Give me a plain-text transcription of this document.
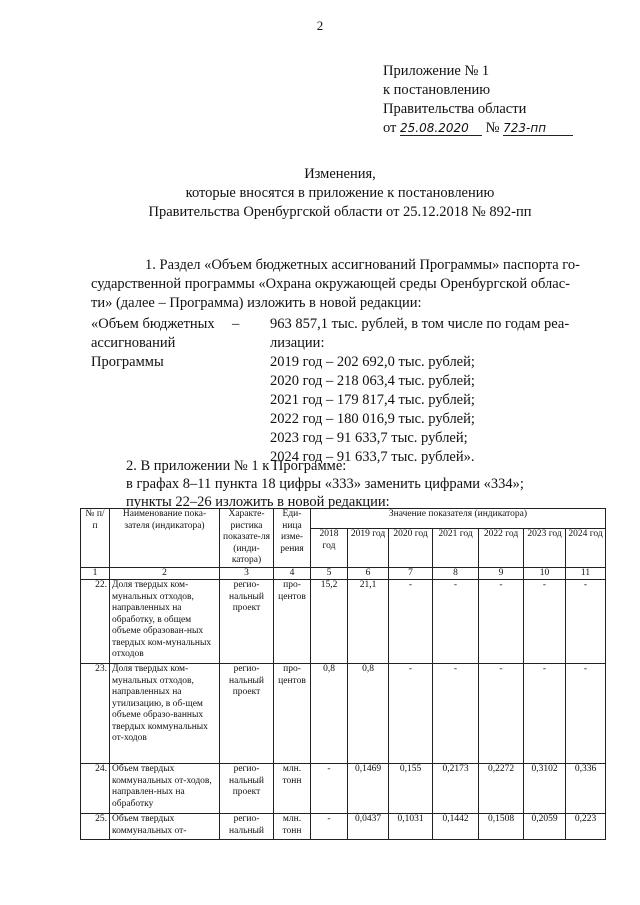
2
Приложение № 1
к постановлению
Правительства области
от 25.08.2020 № 723-пп
Изменения,
которые вносятся в приложение к постановлению
Правительства Оренбургской области от 25.12.2018 № 892-пп
1. Раздел «Объем бюджетных ассигнований Программы» паспорта го-
сударственной программы «Охрана окружающей среды Оренбургской облас-
ти» (далее – Программа) изложить в новой редакции:
«Объем бюджетных
ассигнований
Программы
– 963 857,1 тыс. рублей, в том числе по годам реа-
лизации:
2019 год – 202 692,0 тыс. рублей;
2020 год – 218 063,4 тыс. рублей;
2021 год – 179 817,4 тыс. рублей;
2022 год – 180 016,9 тыс. рублей;
2023 год – 91 633,7 тыс. рублей;
2024 год – 91 633,7 тыс. рублей».
2. В приложении № 1 к Программе:
в графах 8–11 пункта 18 цифры «333» заменить цифрами «334»;
пункты 22–26 изложить в новой редакции:
№ п/п	Наименование пока-зателя (индикатора)	Характе-ристика показате-ля (инди-катора)	Еди-ница изме-рения	Значение показателя (индикатора)						
				2018 год	2019 год	2020 год	2021 год	2022 год	2023 год	2024 год
1	2	3	4	5	6	7	8	9	10	11
22.	Доля твердых ком-мунальных отходов, направленных на обработку, в общем объеме образован-ных твердых ком-мунальных отходов	регио-нальный проект	про-центов	15,2	21,1	-	-	-	-	-
23.	Доля твердых ком-мунальных отходов, направленных на утилизацию, в об-щем объеме образо-ванных твердых коммунальных от-ходов	регио-нальный проект	про-центов	0,8	0,8	-	-	-	-	-
24.	Объем твердых коммунальных от-ходов, направлен-ных на обработку	регио-нальный проект	млн. тонн	-	0,1469	0,155	0,2173	0,2272	0,3102	0,336
25.	Объем твердых коммунальных от-	регио-нальный	млн. тонн	-	0,0437	0,1031	0,1442	0,1508	0,2059	0,223
